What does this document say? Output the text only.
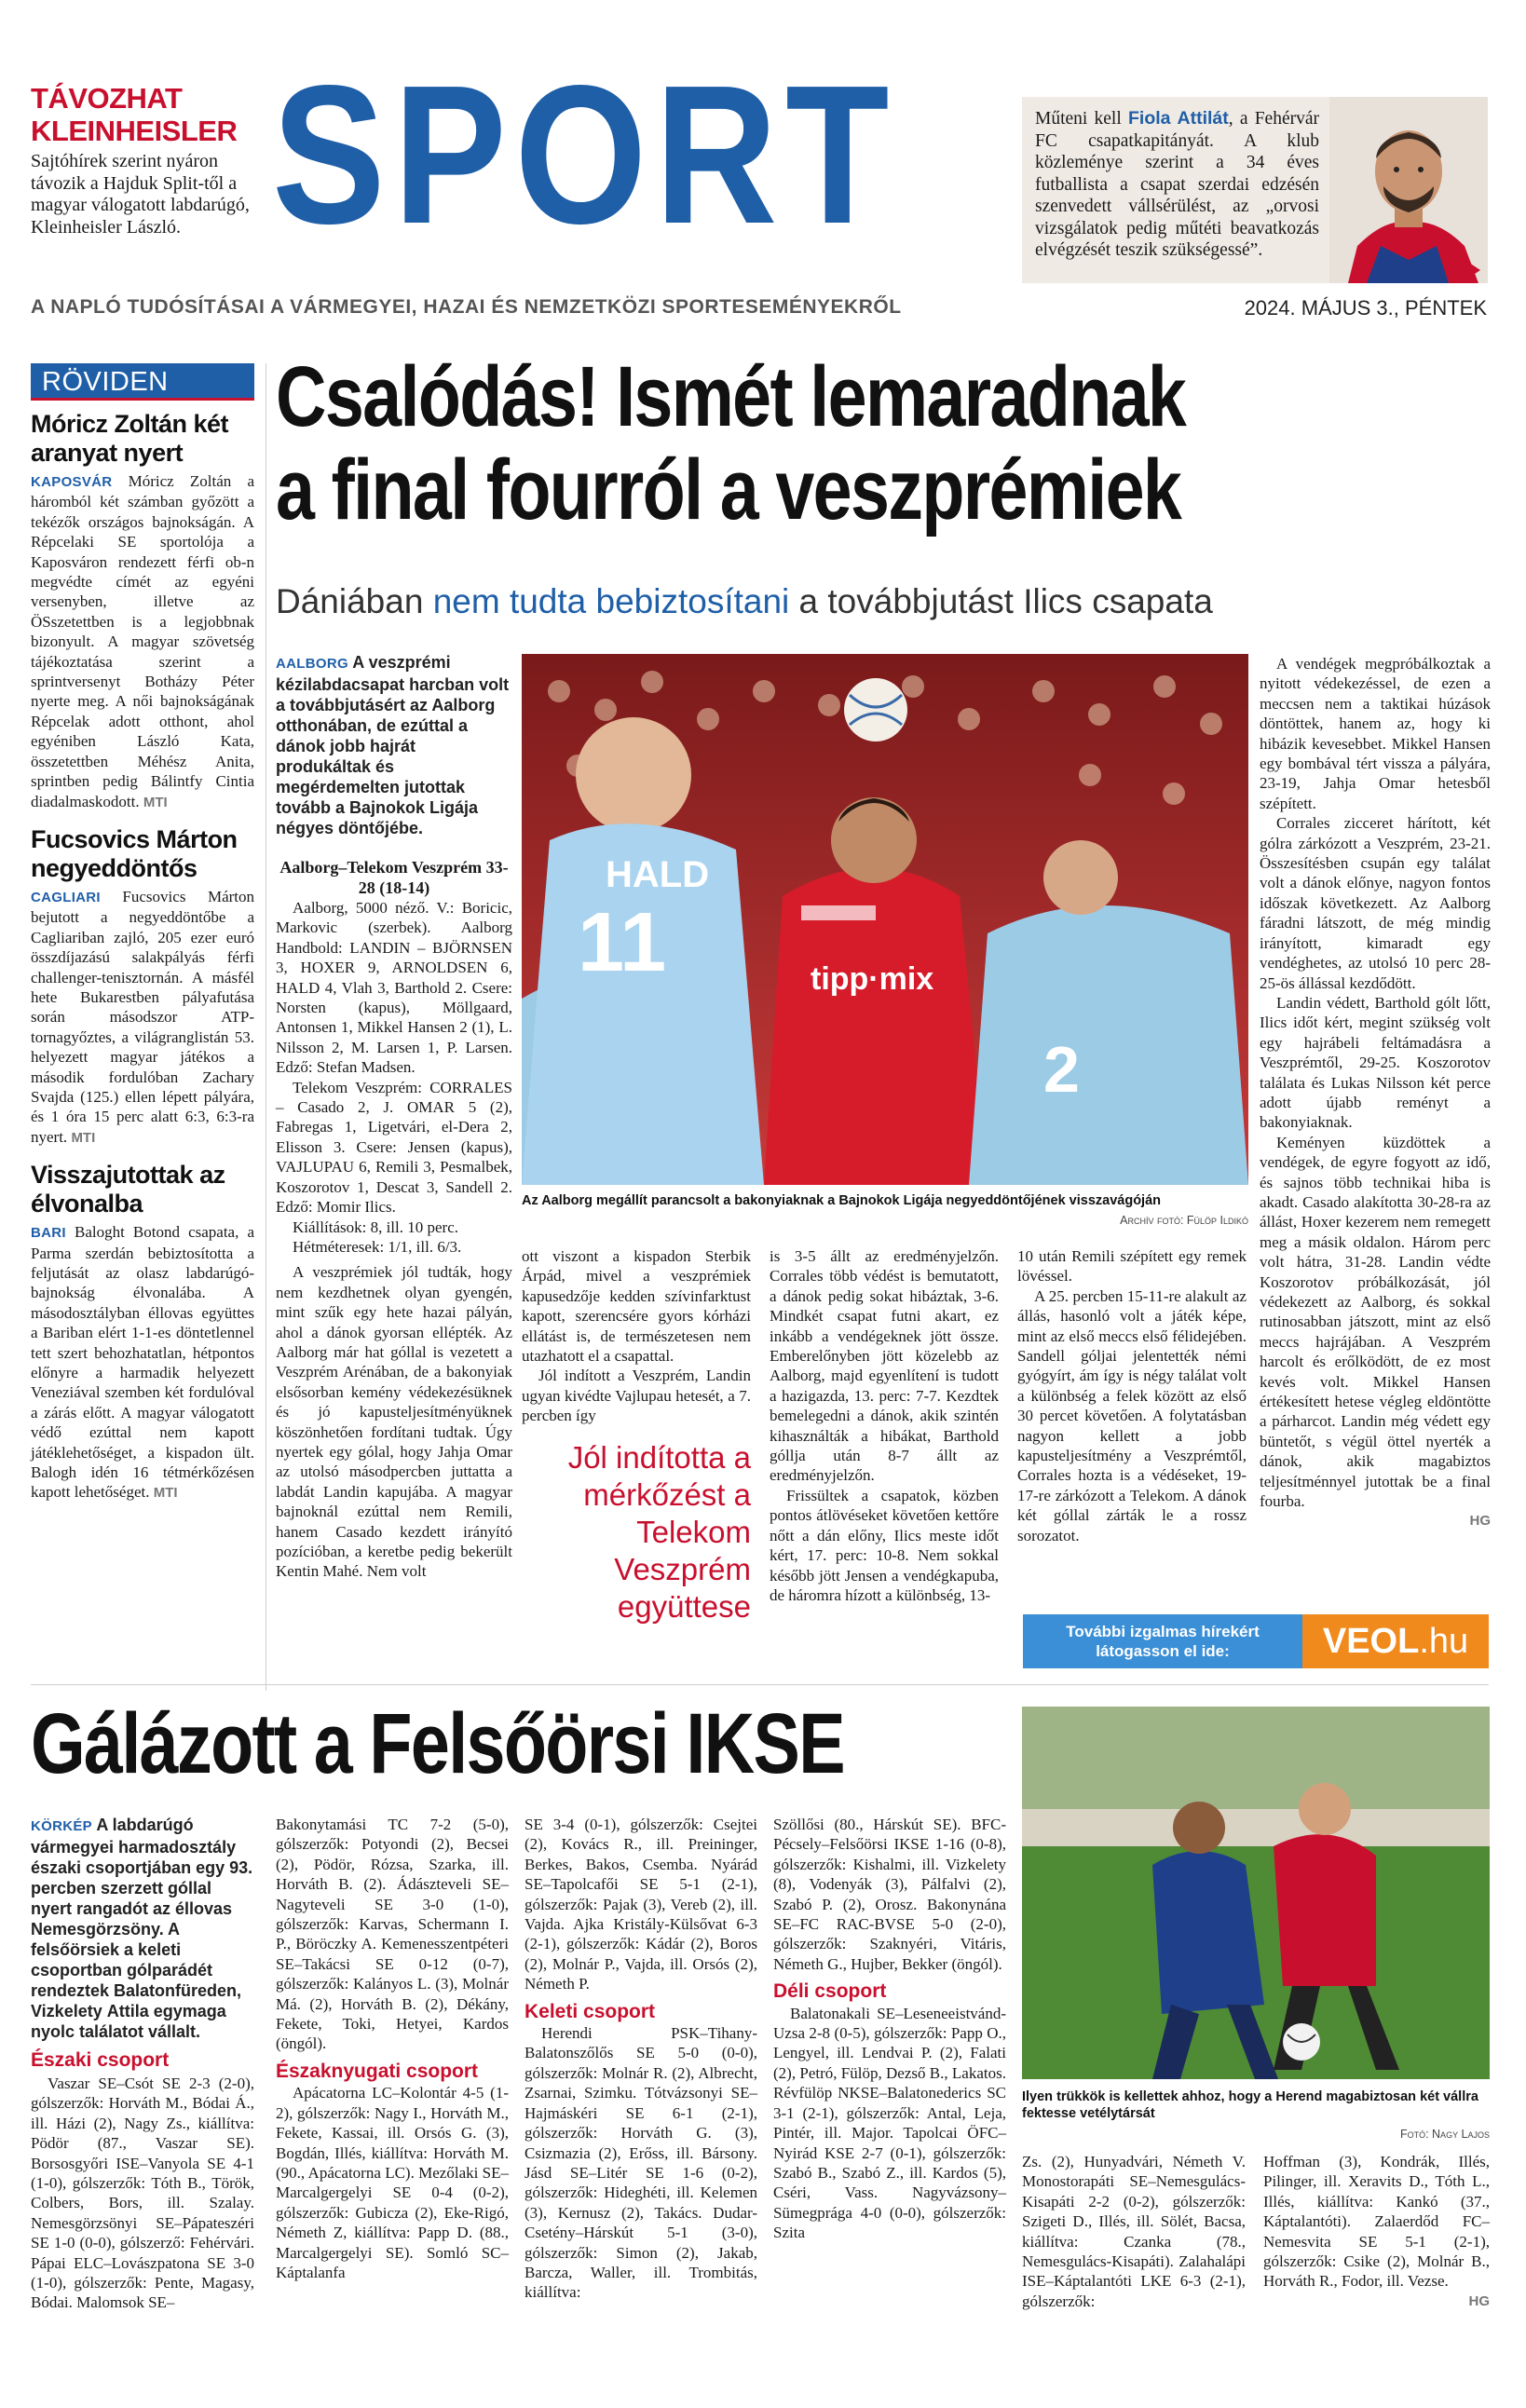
TÁVOZHAT
KLEINHEISLER
Sajtóhírek szerint nyáron távozik a Hajduk Split-től a magyar válogatott labdarúgó, Kleinheisler László. SPORT	Műteni kell Fiola Attilát, a Fehérvár FC csapatkapitányát. A klub közleménye szerint a 34 éves futballista a csapat szerdai edzésén szenvedett vállsérülést, az „orvosi vizsgálatok pedig műtéti beavatkozás elvégzését teszik szükségessé”.
A NAPLÓ TUDÓSÍTÁSAI A VÁRMEGYEI, HAZAI ÉS NEMZETKÖZI SPORTESEMÉNYEKRŐL	2024. MÁJUS 3., PÉNTEK
RÖVIDEN
Móricz Zoltán két aranyat nyert
KAPOSVÁR Móricz Zoltán a háromból két számban győzött a tekézők országos bajnokságán. A Répcelaki SE sportolója a Kaposváron rendezett férfi ob-n megvédte címét az egyéni versenyben, illetve az ÖSszetettben is a legjobbnak bizonyult. A magyar szövetség tájékoztatása szerint a sprintversenyt Botházy Péter nyerte meg. A női bajnokságának Répcelak adott otthont, ahol egyéniben László Kata, összetettben Méhész Anita, sprintben pedig Bálintfy Cintia diadalmaskodott. MTI
Fucsovics Márton negyeddöntős
CAGLIARI Fucsovics Márton bejutott a negyeddöntőbe a Cagliariban zajló, 205 ezer euró összdíjazású salakpályás férfi challenger-tenisztornán. A másfél hete Bukarestben pályafutása során másodszor ATP-tornagyőztes, a világranglistán 53. helyezett magyar játékos a második fordulóban Zachary Svajda (125.) ellen lépett pályára, és 1 óra 15 perc alatt 6:3, 6:3-ra nyert. MTI
Visszajutottak az élvonalba
BARI Baloght Botond csapata, a Parma szerdán bebiztosította a feljutását az olasz labdarúgó-bajnokság élvonalába. A másodosztályban éllovas együttes a Bariban elért 1-1-es döntetlennel tett szert behozhatatlan, hétpontos előnyre a harmadik helyezett Veneziával szemben két fordulóval a zárás előtt. A magyar válogatott védő ezúttal nem kapott játéklehetőséget, a kispadon ült. Balogh idén 16 tétmérkőzésen kapott lehetőséget. MTI
Csalódás! Ismét lemaradnak
a final fourról a veszprémiek
Dániában nem tudta bebiztosítani a továbbjutást Ilics csapata
AALBORG A veszprémi kézilabdacsapat harcban volt a továbbjutásért az Aalborg otthonában, de ezúttal a dánok jobb hajrát produkáltak és megérdemelten jutottak tovább a Bajnokok Ligája négyes döntőjébe.
Aalborg–Telekom Veszprém 33-28 (18-14)

Aalborg, 5000 néző. V.: Boricic, Markovic (szerbek). Aalborg Handbold: LANDIN – BJÖRNSEN 3, HOXER 9, ARNOLDSEN 6, HALD 4, Vlah 3, Barthold 2. Cserе: Norsten (kapus), Möllgaard, Antonsen 1, Mikkel Hansen 2 (1), L. Nilsson 2, M. Larsen 1, P. Larsen. Edző: Stefan Madsen.

Telekom Veszprém: CORRALES – Casado 2, J. OMAR 5 (2), Fabregas 1, Ligetvári, el-Dera 2, Elisson 3. Csere: Jensen (kapus), VAJLUPAU 6, Remili 3, Pesmalbek, Koszorotov 1, Descat 3, Sandell 2. Edző: Momir Ilics.

Kiállítások: 8, ill. 10 perc.

Hétméteresek: 1/1, ill. 6/3.

A veszprémiek jól tudták, hogy nem kezdhetnek olyan gyengén, mint szűk egy hete hazai pályán, ahol a dánok gyorsan ellépték. Az Aalborg már hat góllal is vezetett a Veszprém Arénában, de a bakonyiak elsősorban kemény védekezésüknek és jó kapusteljesítményüknek köszönhetően fordítani tudtak. Úgy nyertek egy gólal, hogy Jahja Omar az utolsó másodpercben juttatta a labdát Landin kapujába. A magyar bajnoknál ezúttal nem Remili, hanem Casado kezdett irányító pozícióban, a keretbe pedig bekerült Kentin Mahé. Nem volt

11
HALD
tipp·mix
2
Az Aalborg megállít parancsolt a bakonyiaknak a Bajnokok Ligája negyeddöntőjének visszavágóján
Archív fotó: Fülöp Ildikó

A vendégek megpróbálkoztak a nyitott védekezéssel, de ezen a meccsen nem a taktikai húzások döntöttek, hanem az, hogy ki hibázik kevesebbet. Mikkel Hansen egy bombával tért vissza a pályára, 23-19, Jahja Omar hetesből szépített.

Corrales zicceret hárított, két gólra zárkózott a Veszprém, 23-21. Összesítésben csupán egy találat volt a dánok előnye, nagyon fontos időszak következett. Az Aalborg fáradni látszott, de még mindig irányított, kimaradt egy vendéghetes, az utolsó 10 perc 28-25-ös állással kezdődött.

Landin védett, Barthold gólt lőtt, Ilics időt kért, megint szükség volt egy hajrábeli feltámadásra a Veszprémtől, 29-25. Koszorotov találata és Lukas Nilsson két perce adott újabb reményt a bakonyiaknak.

Keményen küzdöttek a vendégek, de egyre fogyott az idő, és sajnos több technikai hiba is akadt. Casado alakította 30-28-ra az állást, Hoxer kezerem nem remegett meg a másik oldalon. Három perc volt hátra, 31-28. Landin védte Koszorotov próbálkozását, jól védekezett az Aalborg, és sokkal rutinosabban játszott, mint az első meccs hajrájában. A Veszprém harcolt és erőlködött, de ez most kevés volt. Mikkel Hansen értékesített hetese végleg eldöntötte a párharcot. Landin még védett egy büntetőt, s végül öttel nyerték a dánok, akik magabiztos teljesítménnyel jutottak be a final fourba.

HG

ott viszont a kispadon Sterbik Árpád, mivel a veszprémiek kapusedzője kedden szívinfarktust kapott, szerencsére gyors kórházi ellátást is, de természetesen nem utazhatott el a csapattal.

Jól indított a Veszprém, Landin ugyan kivédte Vajlupau hetesét, a 7. percben így

Jól indította a mérkőzést a Telekom Veszprém együttese

is 3-5 állt az eredményjelzőn. Corrales több védést is bemutatott, a dánok pedig sokat hibáztak, 3-6. Mindkét csapat futni akart, ez inkább a vendégeknek jött össze. Emberelőnyben jött közelebb az Aalborg, majd egyenlítení is tudott a hazigazda, 13. perc: 7-7. Kezdtek bemelegedni a dánok, akik szintén kihasználták a hibákat, Barthold góllja után 8-7 állt az eredményjelzőn.

Frissültek a csapatok, közben pontos átlövéseket követően kettőre nőtt a dán előny, Ilics meste időt kért, 17. perc: 10-8. Nem sokkal később jött Jensen a vendégkapuba, de háromra hízott a különbség, 13-

10 után Remili szépített egy remek lövéssel.

A 25. percben 15-11-re alakult az állás, hasonló volt a játék képe, mint az első meccs első félidejében. Sandell góljai jelentették némi gyógyírt, ám így is négy találat volt a különbség a felek között az első 30 percet követően. A folytatásban nagyon kellett a jobb kapusteljesítmény a Veszprémtől, Corrales hozta is a védéseket, 19-17-re zárkózott a Telekom. A dánok két góllal zárták le a rossz sorozatot.

További izgalmas hírekért
látogasson el ide:	VEOL .hu
Gálázott a Felsőörsi IKSE
KÖRKÉP A labdarúgó vármegyei harmadosztály északi csoportjában egy 93. percben szerzett góllal nyert rangadót az éllovas Nemesgörzsöny. A felsőörsiek a keleti csoportban gólparádét rendeztek Balatonfüreden, Vizkeletу Attila egymaga nyolc találatot vállalt.
Északi csoport

Vaszar SE–Csót SE 2-3 (2-0), gólszerzők: Horváth M., Bódai Á., ill. Házi (2), Nagy Zs., kiállítva: Pödör (87., Vaszar SE). Borsosgyőri ISE–Vanyola SE 4-1 (1-0), gólszerzők: Tóth B., Török, Colbers, Bors, ill. Szalay. Nemesgörzsönyi SE–Pápateszéri SE 1-0 (0-0), gólszerző: Fehérvári. Pápai ELC–Lovászpatona SE 3-0 (1-0), gólszerzők: Pente, Magasy, Bódai. Malomsok SE–

Bakonytamási TC 7-2 (5-0), gólszerzők: Potyondi (2), Becsei (2), Pödör, Rózsa, Szarka, ill. Horváth B. (2). Ádászteveli SE–Nagyteveli SE 3-0 (1-0), gólszerzők: Karvas, Schermann I. P., Böröczky A. Kemenesszentpéteri SE–Takácsi SE 0-12 (0-7), gólszerzők: Kalányos L. (3), Molnár Má. (2), Horváth B. (2), Dékány, Fekete, Toki, Hetyei, Kardos (öngól).

Északnyugati csoport

Apácatorna LC–Kolontár 4-5 (1-2), gólszerzők: Nagy I., Horváth M., Fekete, Kassai, ill. Orsós G. (3), Bogdán, Illés, kiállítva: Horváth M. (90., Apácatorna LC). Mezőlaki SE–Marcalgergelyi SE 0-4 (0-2), gólszerzők: Gubicza (2), Eke-Rigó, Németh Z, kiállítva: Papp D. (88., Marcalgergelyi SE). Somló SC–Káptalanfa

SE 3-4 (0-1), gólszerzők: Csejtei (2), Kovács R., ill. Preininger, Berkes, Bakos, Csemba. Nyárád SE–Tapolcafői SE 5-1 (2-1), gólszerzők: Pajak (3), Vereb (2), ill. Vajda. Ajka Kristály-Külsővat 6-3 (2-1), gólszerzők: Kádár (2), Boros (2), Molnár P., Vajda, ill. Orsós (2), Németh P.

Keleti csoport

Herendi PSK–Tihany-Balatonszőlős SE 5-0 (0-0), gólszerzők: Molnár R. (2), Albrecht, Zsarnai, Szimku. Tótvázsonyi SE–Hajmáskéri SE 6-1 (2-1), gólszerzők: Horváth G. (3), Csizmazia (2), Erőss, ill. Bársony. Jásd SE–Litér SE 1-6 (0-2), gólszerzők: Hideghéti, ill. Kelemen (3), Kernusz (2), Takács. Dudar-Csetény–Hárskút 5-1 (3-0), gólszerzők: Simon (2), Jakab, Barcza, Waller, ill. Trombitás, kiállítva:

Szöllősi (80., Hárskút SE). BFC-Pécsely–Felsőörsi IKSE 1-16 (0-8), gólszerzők: Kishalmi, ill. Vizkeletу (8), Vodenyák (3), Pálfalvi (2), Szabó P. (2), Orosz. Bakonynána SE–FC RAC-BVSE 5-0 (2-0), gólszerzők: Szaknyéri, Vitáris, Németh G., Hujber, Bekker (öngól).

Déli csoport

Balatonakali SE–Leseneeistvánd-Uzsa 2-8 (0-5), gólszerzők: Papp O., Lengyel, ill. Lendvai P. (2), Falati (2), Petró, Fülöp, Dezső B., Lakatos. Révfülöp NKSE–Balatonederics SC 3-1 (2-1), gólszerzők: Antal, Leja, Pintér, ill. Major. Tapolcai ÖFC–Nyirád KSE 2-7 (0-1), gólszerzők: Szabó B., Szabó Z., ill. Kardos (5), Cséri, Vass. Nagyvázsony–Sümegprága 4-0 (0-0), gólszerzők: Szita

Ilyen trükkök is kellettek ahhoz, hogy a Herend magabiztosan két vállra fektesse vetélytársát
Fotó: Nagy Lajos

Zs. (2), Hunyadvári, Németh V. Monostorapáti SE–Nemesgulács-Kisapáti 2-2 (0-2), gólszerzők: Szigeti D., Illés, ill. Sölét, Bacsa, kiállítva: Czanka (78., Nemesgulács-Kisapáti). Zalahalápi ISE–Káptalantóti LKE 6-3 (2-1), gólszerzők:

Hoffman (3), Kondrák, Illés, Pilinger, ill. Xeravits D., Tóth L., Illés, kiállítva: Kankó (37., Káptalantóti). Zalaerdőd FC–Nemesvita SE 5-1 (2-1), gólszerzők: Csike (2), Molnár B., Horváth R., Fodor, ill. Vezse.

HG
